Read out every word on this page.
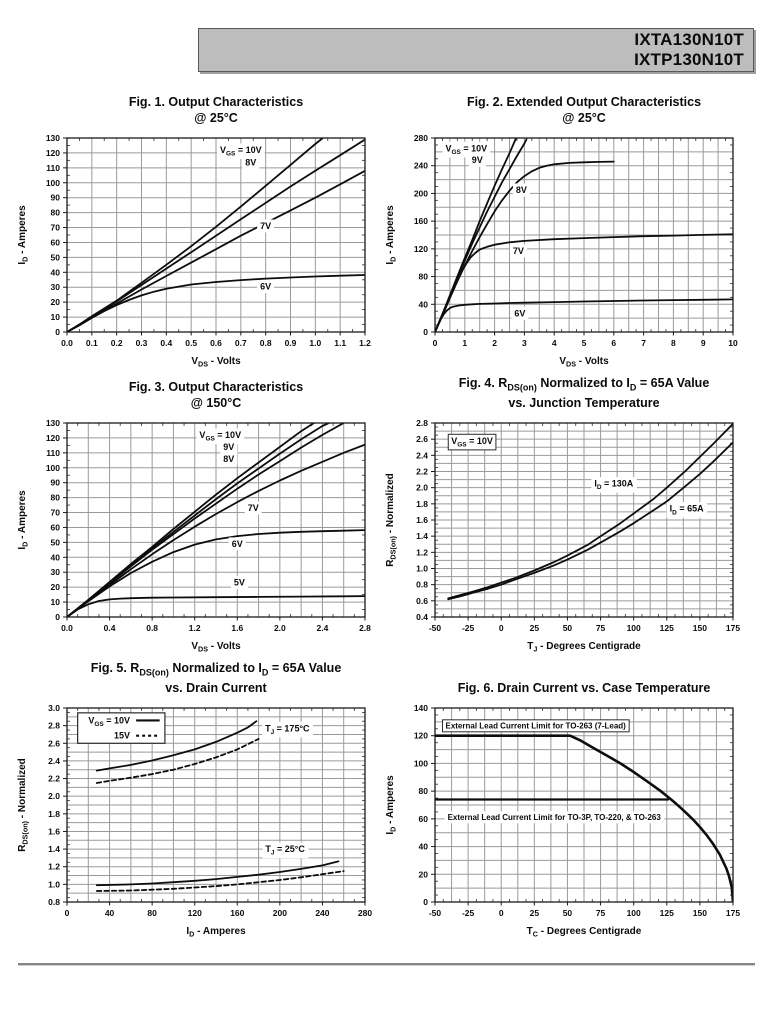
IXTA130N10T
IXTP130N10T
Fig. 1. Output Characteristics
@ 25°C
$V_{GS} = 10V$
8V
7V
6V
0.0 0.1 0.2 0.3 0.4 0.5 0.6 0.7 0.8 0.9 1.0 1.1 1.2
0
10
20
30
40
50
60
70
80
90
100
110
120
130
$V_{DS}$ - Volts
$I_D$ - Amperes
Fig. 2. Extended Output Characteristics
@ 25°C
$V_{GS} = 10V$
9V
8V
7V
6V
0	1	2	3	4	5	6	7	8	9	10
0
40
80
120
160
200
240
280
$V_{DS}$ - Volts
$I_D$ - Amperes
Fig. 3. Output Characteristics
@ 150°C
$V_{GS} = 10V$
9V
8V
7V
6V
5V
0.0	0.4	0.8	1.2	1.6	2.0	2.4	2.8
0
10
20
30
40
50
60
70
80
90
100
110
120
130
$V_{DS}$ - Volts
$I_D$ - Amperes
Fig. 4. $R_{DS(on)}$ Normalized to $I_D = 65A$ Value
vs. Junction Temperature
$V_{GS} = 10V$
$I_D = 130A$
$I_D = 65A$
-50 -25	0	25	50	75	100 125 150 175
0.4
0.6
0.8
1.0
1.2
1.4
1.6
1.8
2.0
2.2
2.4
2.6
2.8
$T_J$ - Degrees Centigrade
$R_{DS(on)}$ - Normalized
Fig. 5. $R_{DS(on)}$ Normalized to $I_D = 65A$ Value
vs. Drain Current
$T_J = 175^\circ C$
$T_J = 25^\circ C$
$V_{GS} = 10V$
15V
0	40	80	120	160	200	240	280
0.8
1.0
1.2
1.4
1.6
1.8
2.0
2.2
2.4
2.6
2.8
3.0
$I_D$ - Amperes
$R_{DS(on)}$ - Normalized
Fig. 6. Drain Current vs. Case Temperature
External Lead Current Limit for TO-263 (7-Lead)
External Lead Current Limit for TO-3P, TO-220, & TO-263
-50 -25	0	25	50	75	100 125 150 175
0
20
40
60
80
100
120
140
$T_C$ - Degrees Centigrade
$I_D$ - Amperes
